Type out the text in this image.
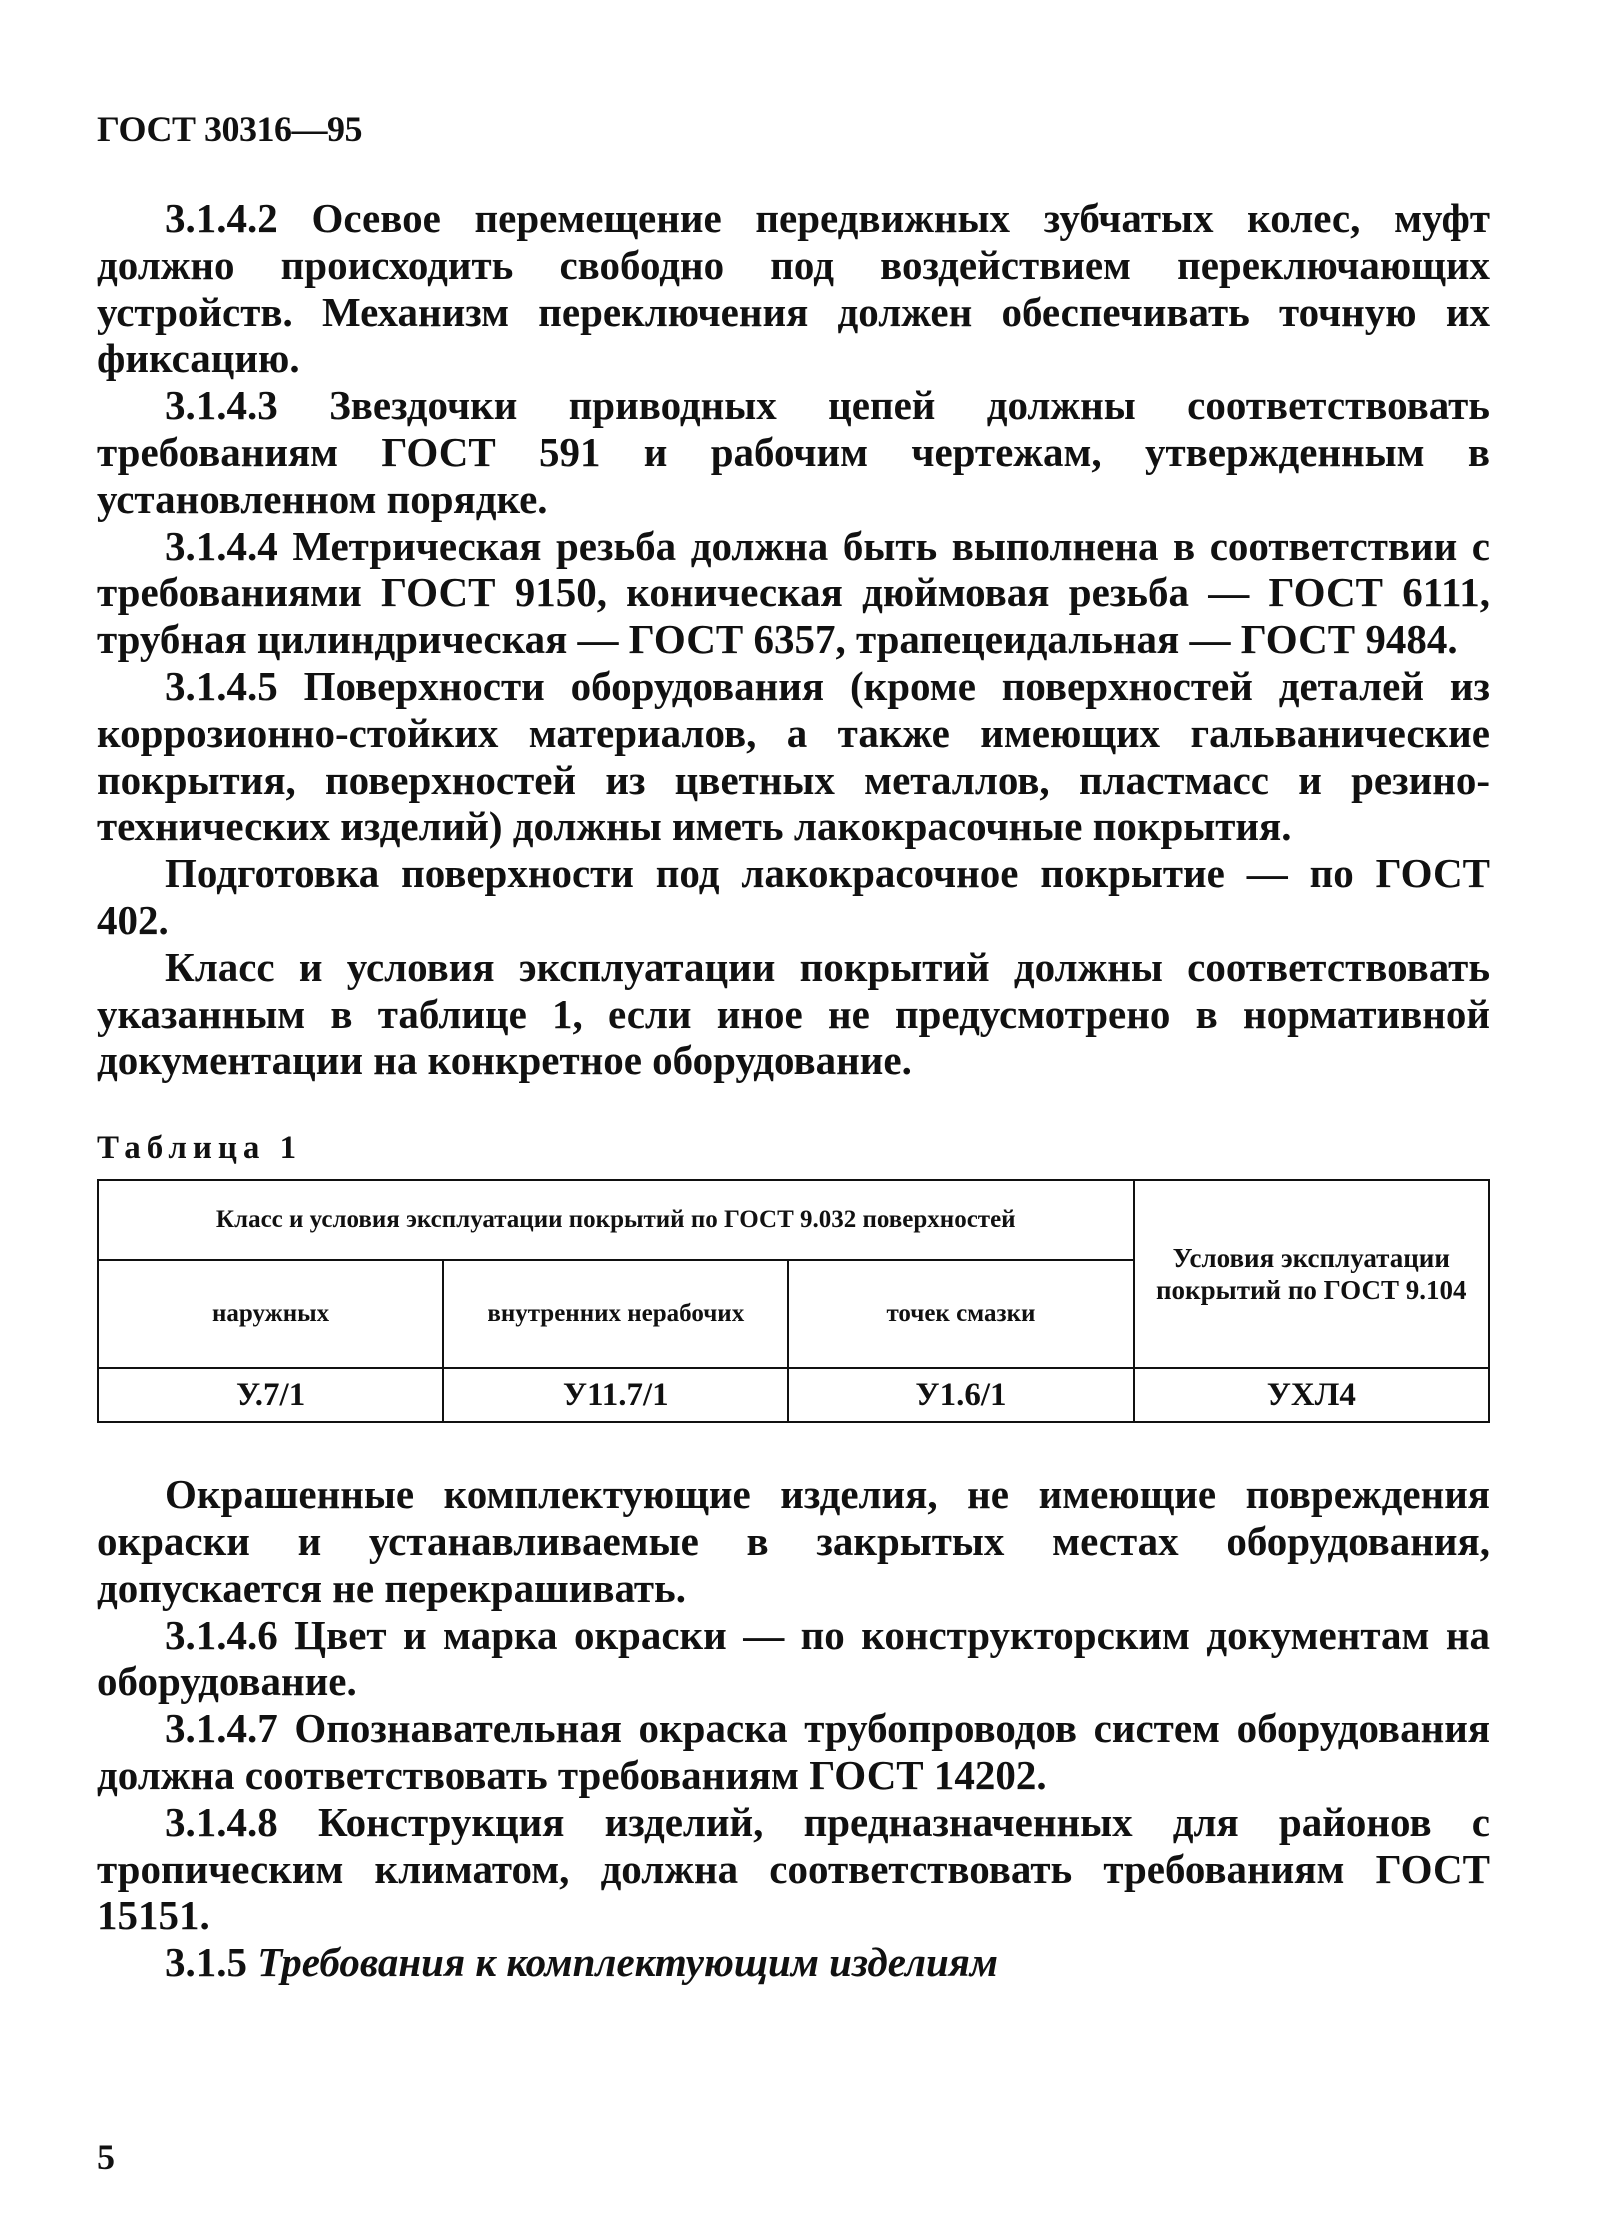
ГОСТ 30316—95

3.1.4.2 Осевое перемещение передвижных зубчатых колес, муфт должно происходить свободно под воздействием переключающих устройств. Механизм переключения должен обеспечивать точную их фиксацию.

3.1.4.3 Звездочки приводных цепей должны соответствовать требованиям ГОСТ 591 и рабочим чертежам, утвержденным в установленном порядке.

3.1.4.4 Метрическая резьба должна быть выполнена в соответствии с требованиями ГОСТ 9150, коническая дюймовая резьба — ГОСТ 6111, трубная цилиндрическая — ГОСТ 6357, трапецеидальная — ГОСТ 9484.

3.1.4.5 Поверхности оборудования (кроме поверхностей деталей из коррозионно-стойких материалов, а также имеющих гальванические покрытия, поверхностей из цветных металлов, пластмасс и резино-технических изделий) должны иметь лакокрасочные покрытия.

Подготовка поверхности под лакокрасочное покрытие — по ГОСТ 402.

Класс и условия эксплуатации покрытий должны соответствовать указанным в таблице 1, если иное не предусмотрено в нормативной документации на конкретное оборудование.

Таблица 1
Класс и условия эксплуатации покрытий по ГОСТ 9.032 поверхностей			Условия эксплуатации покрытий по ГОСТ 9.104
наружных	внутренних нерабочих	точек смазки	
У.7/1	У11.7/1	У1.6/1	УХЛ4

Окрашенные комплектующие изделия, не имеющие повреждения окраски и устанавливаемые в закрытых местах оборудования, допускается не перекрашивать.

3.1.4.6 Цвет и марка окраски — по конструкторским документам на оборудование.

3.1.4.7 Опознавательная окраска трубопроводов систем оборудования должна соответствовать требованиям ГОСТ 14202.

3.1.4.8 Конструкция изделий, предназначенных для районов с тропическим климатом, должна соответствовать требованиям ГОСТ 15151.

3.1.5 Требования к комплектующим изделиям

5
